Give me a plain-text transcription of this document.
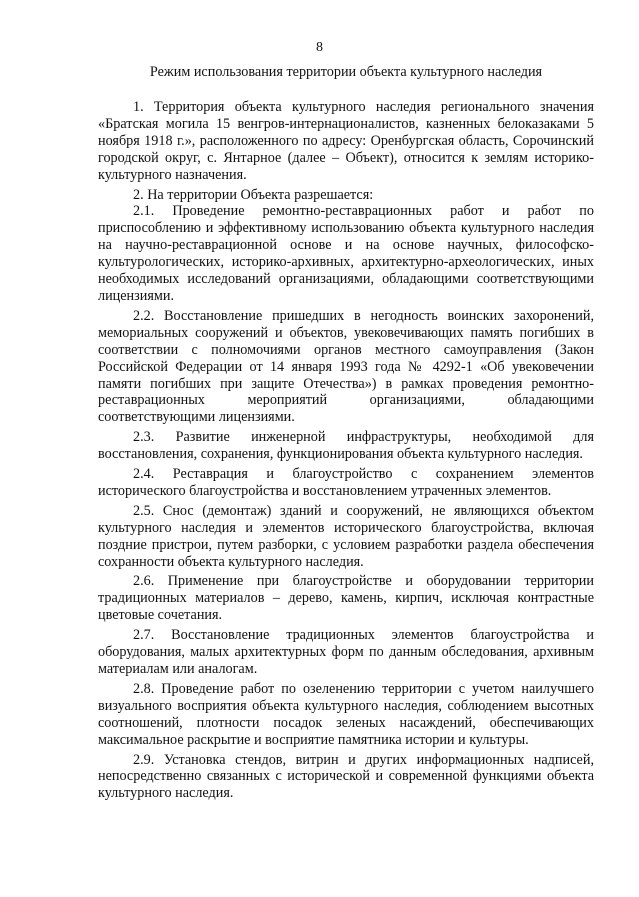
8
Режим использования территории объекта культурного наследия

1. Территория объекта культурного наследия регионального значения «Братская могила 15 венгров-интернационалистов, казненных белоказаками 5 ноября 1918 г.», расположенного по адресу: Оренбургская область, Сорочинский городской округ, с. Янтарное (далее – Объект), относится к землям историко-культурного назначения.

2. На территории Объекта разрешается:

2.1. Проведение ремонтно-реставрационных работ и работ по приспособлению и эффективному использованию объекта культурного наследия на научно-реставрационной основе и на основе научных, философско-культурологических, историко-архивных, архитектурно-археологических, иных необходимых исследований организациями, обладающими соответствующими лицензиями.

2.2. Восстановление пришедших в негодность воинских захоронений, мемориальных сооружений и объектов, увековечивающих память погибших в соответствии с полномочиями органов местного самоуправления (Закон Российской Федерации от 14 января 1993 года № 4292-1 «Об увековечении памяти погибших при защите Отечества») в рамках проведения ремонтно-реставрационных мероприятий организациями, обладающими соответствующими лицензиями.

2.3. Развитие инженерной инфраструктуры, необходимой для восстановления, сохранения, функционирования объекта культурного наследия.

2.4. Реставрация и благоустройство с сохранением элементов исторического благоустройства и восстановлением утраченных элементов.

2.5. Снос (демонтаж) зданий и сооружений, не являющихся объектом культурного наследия и элементов исторического благоустройства, включая поздние пристрои, путем разборки, с условием разработки раздела обеспечения сохранности объекта культурного наследия.

2.6. Применение при благоустройстве и оборудовании территории традиционных материалов – дерево, камень, кирпич, исключая контрастные цветовые сочетания.

2.7. Восстановление традиционных элементов благоустройства и оборудования, малых архитектурных форм по данным обследования, архивным материалам или аналогам.

2.8. Проведение работ по озеленению территории с учетом наилучшего визуального восприятия объекта культурного наследия, соблюдением высотных соотношений, плотности посадок зеленых насаждений, обеспечивающих максимальное раскрытие и восприятие памятника истории и культуры.

2.9. Установка стендов, витрин и других информационных надписей, непосредственно связанных с исторической и современной функциями объекта культурного наследия.
